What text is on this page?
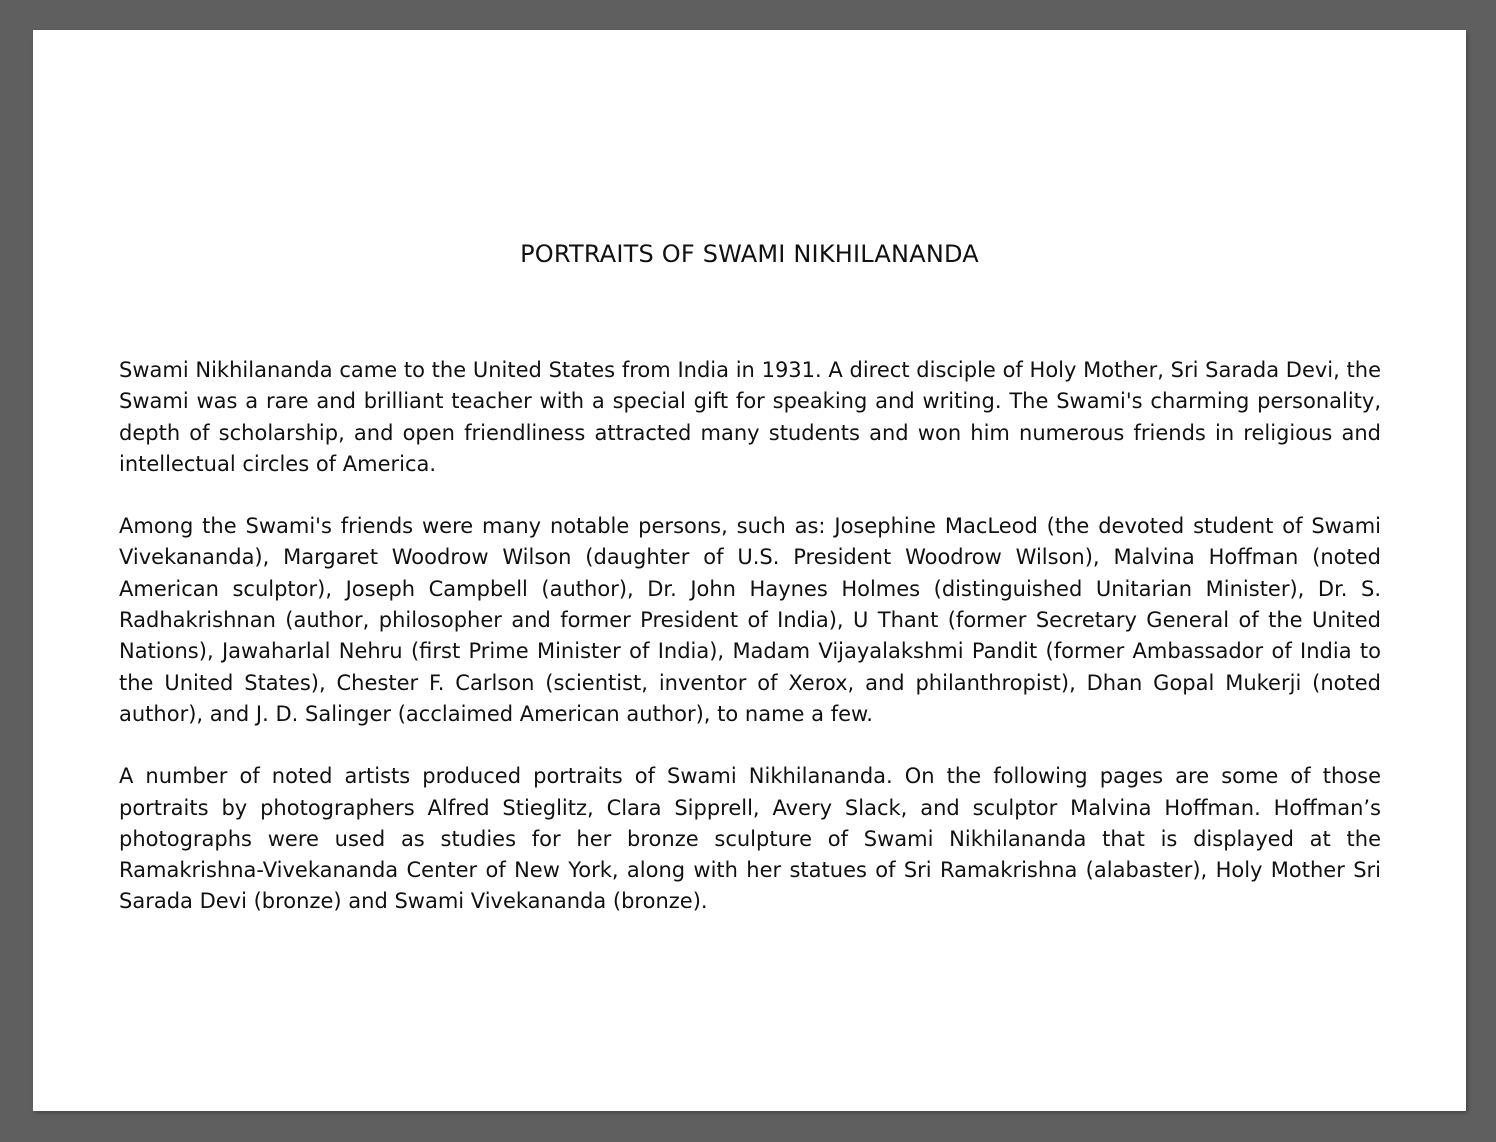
PORTRAITS OF SWAMI NIKHILANANDA

Swami Nikhilananda came to the United States from India in 1931. A direct disciple of Holy Mother, Sri Sarada Devi, the Swami was a rare and brilliant teacher with a special gift for speaking and writing. The Swami's charming personality, depth of scholarship, and open friendliness attracted many students and won him numerous friends in religious and intellectual circles of America.

Among the Swami's friends were many notable persons, such as: Josephine MacLeod (the devoted student of Swami Vivekananda), Margaret Woodrow Wilson (daughter of U.S. President Woodrow Wilson), Malvina Hoffman (noted American sculptor), Joseph Campbell (author), Dr. John Haynes Holmes (distinguished Unitarian Minister), Dr. S. Radhakrishnan (author, philosopher and former President of India), U Thant (former Secretary General of the United Nations), Jawaharlal Nehru (first Prime Minister of India), Madam Vijayalakshmi Pandit (former Ambassador of India to the United States), Chester F. Carlson (scientist, inventor of Xerox, and philanthropist), Dhan Gopal Mukerji (noted author), and J. D. Salinger (acclaimed American author), to name a few.

A number of noted artists produced portraits of Swami Nikhilananda. On the following pages are some of those portraits by photographers Alfred Stieglitz, Clara Sipprell, Avery Slack, and sculptor Malvina Hoffman. Hoffman’s photographs were used as studies for her bronze sculpture of Swami Nikhilananda that is displayed at the Ramakrishna-Vivekananda Center of New York, along with her statues of Sri Ramakrishna (alabaster), Holy Mother Sri Sarada Devi (bronze) and Swami Vivekananda (bronze).
